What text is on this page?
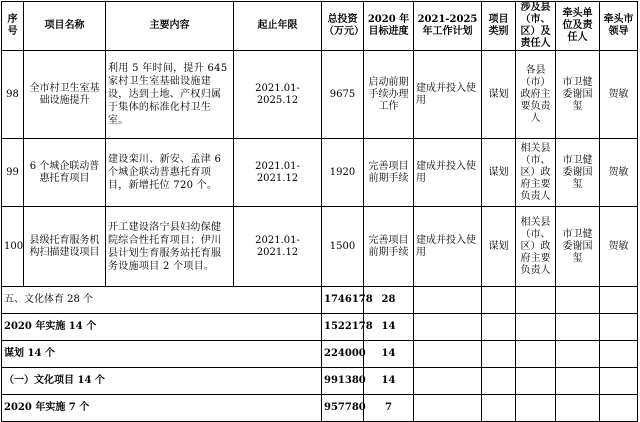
序号	项目名称	主要内容	起止年限	总投资（万元）	2020 年目标进度	2021-2025 年工作计划	项目类别	涉及县（市、区）及责任人	牵头单位及责任人	牵头市领导
98	全市村卫生室基础设施提升	利用 5 年时间，提升 645 家村卫生室基础设施建设，达到土地、产权归属于集体的标准化村卫生室。	2021.01-2025.12	9675	启动前期手续办理工作	建成并投入使用	谋划	各县（市）政府主要负责人	市卫健委谢国玺	贺敏
99	6 个城企联动普惠托育项目	建设栾川、新安、孟津 6 个城企联动普惠托育项目，新增托位 720 个。	2021.01-2021.12	1920	完善项目前期手续	建成并投入使用	谋划	相关县（市、区）政府主要负责人	市卫健委谢国玺	贺敏
100	县级托育服务机构扫描建设项目	开工建设洛宁县妇幼保健院综合性托育项目；伊川县计划生育服务站托育服务设施项目 2 个项目。	2021.01-2021.12	1500	完善项目前期手续	建成并投入使用	谋划	相关县（市、区）政府主要负责人	市卫健委谢国玺	贺敏
五、文化体育 28 个				1746178	28					
2020 年实施 14 个				1522178	14					
谋划 14 个				224000	14					
（一）文化项目 14 个				991380	14					
2020 年实施 7 个				957780	7					
